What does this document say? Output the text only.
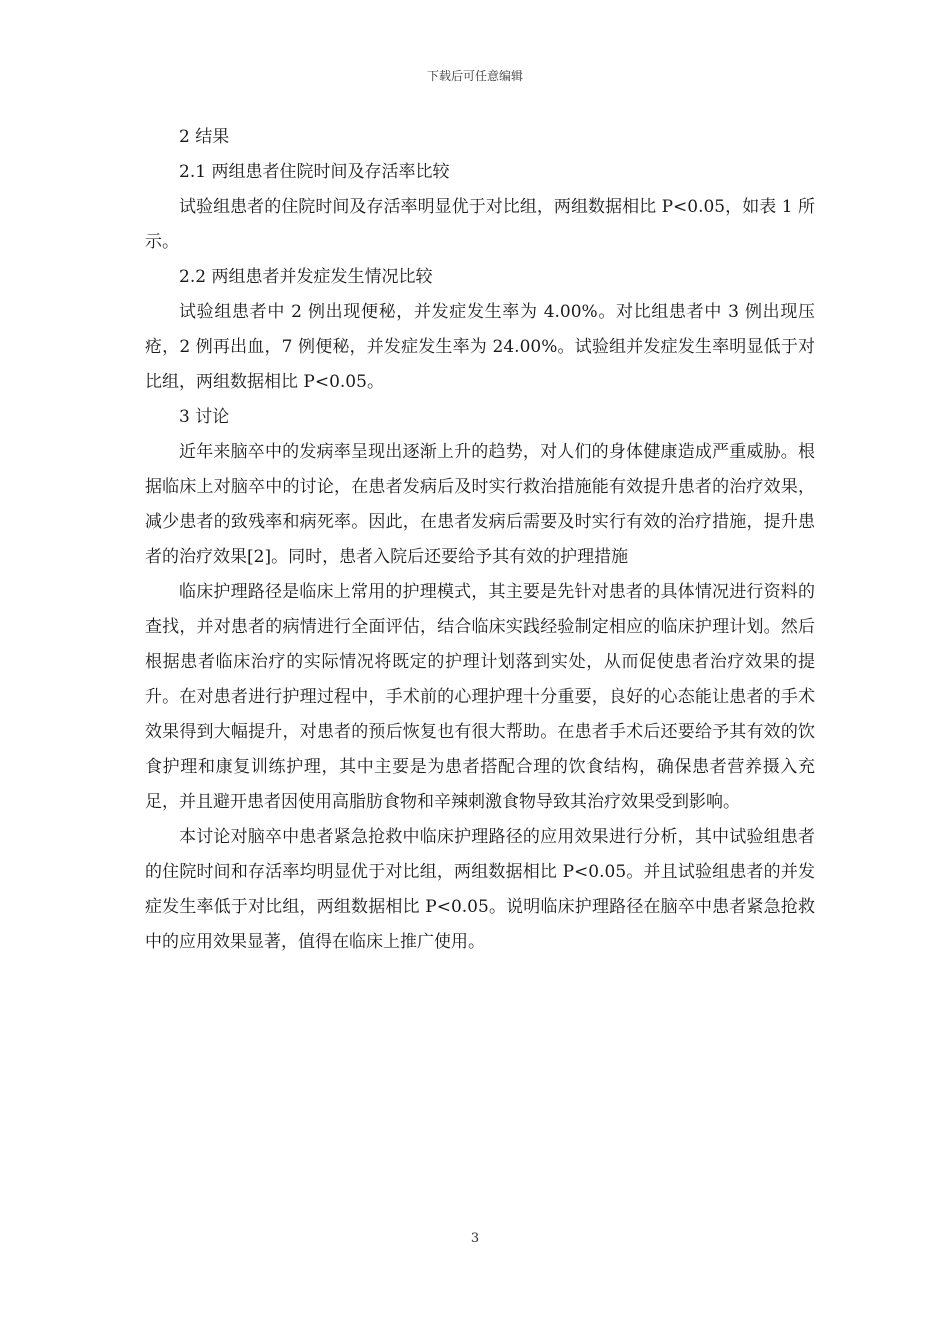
下载后可任意编辑

2 结果

2.1 两组患者住院时间及存活率比较

试验组患者的住院时间及存活率明显优于对比组，两组数据相比 P<0.05，如表 1 所示。

2.2 两组患者并发症发生情况比较

试验组患者中 2 例出现便秘，并发症发生率为 4.00%。对比组患者中 3 例出现压疮，2 例再出血，7 例便秘，并发症发生率为 24.00%。试验组并发症发生率明显低于对比组，两组数据相比 P<0.05。

3 讨论

近年来脑卒中的发病率呈现出逐渐上升的趋势，对人们的身体健康造成严重威胁。根据临床上对脑卒中的讨论，在患者发病后及时实行救治措施能有效提升患者的治疗效果，减少患者的致残率和病死率。因此，在患者发病后需要及时实行有效的治疗措施，提升患者的治疗效果[2]。同时，患者入院后还要给予其有效的护理措施

临床护理路径是临床上常用的护理模式，其主要是先针对患者的具体情况进行资料的查找，并对患者的病情进行全面评估，结合临床实践经验制定相应的临床护理计划。然后根据患者临床治疗的实际情况将既定的护理计划落到实处，从而促使患者治疗效果的提升。在对患者进行护理过程中，手术前的心理护理十分重要，良好的心态能让患者的手术效果得到大幅提升，对患者的预后恢复也有很大帮助。在患者手术后还要给予其有效的饮食护理和康复训练护理，其中主要是为患者搭配合理的饮食结构，确保患者营养摄入充足，并且避开患者因使用高脂肪食物和辛辣刺激食物导致其治疗效果受到影响。

本讨论对脑卒中患者紧急抢救中临床护理路径的应用效果进行分析，其中试验组患者的住院时间和存活率均明显优于对比组，两组数据相比 P<0.05。并且试验组患者的并发症发生率低于对比组，两组数据相比 P<0.05。说明临床护理路径在脑卒中患者紧急抢救中的应用效果显著，值得在临床上推广使用。

3
